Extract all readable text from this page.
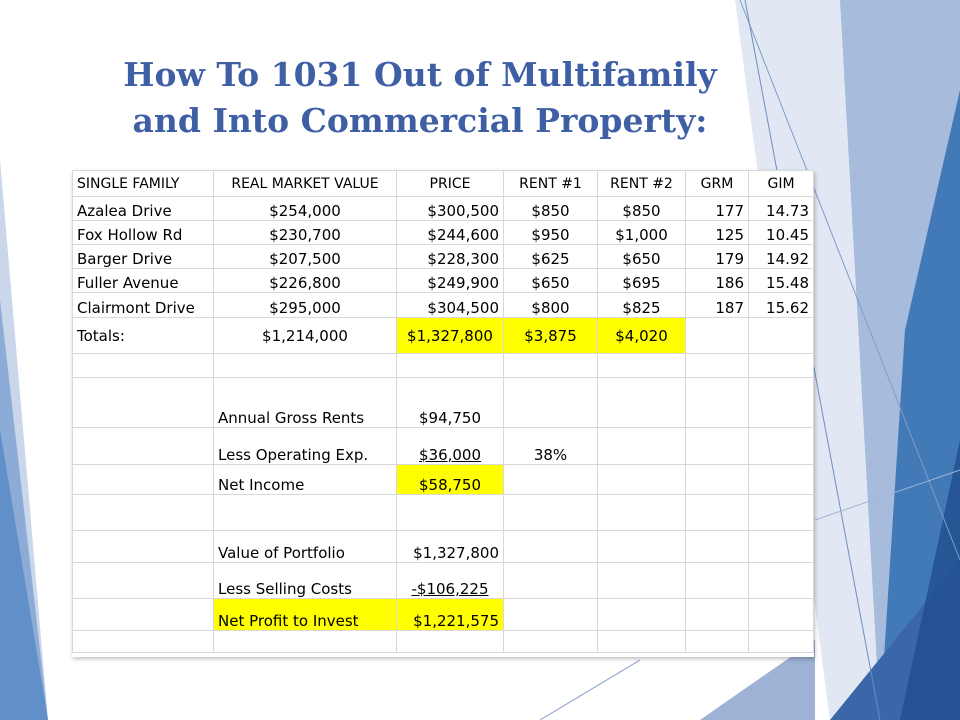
How To 1031 Out of Multifamily
and Into Commercial Property:
SINGLE FAMILY	REAL MARKET VALUE	PRICE	RENT #1	RENT #2	GRM	GIM
Azalea Drive	$254,000	$300,500	$850	$850	177	14.73
Fox Hollow Rd	$230,700	$244,600	$950	$1,000	125	10.45
Barger Drive	$207,500	$228,300	$625	$650	179	14.92
Fuller Avenue	$226,800	$249,900	$650	$695	186	15.48
Clairmont Drive	$295,000	$304,500	$800	$825	187	15.62
Totals:	$1,214,000	$1,327,800	$3,875	$4,020		

	Annual Gross Rents	$94,750				
	Less Operating Exp.	$36,000	38%			
	Net Income	$58,750				

	Value of Portfolio	$1,327,800				
	Less Selling Costs	-$106,225				
	Net Profit to Invest	$1,221,575				
